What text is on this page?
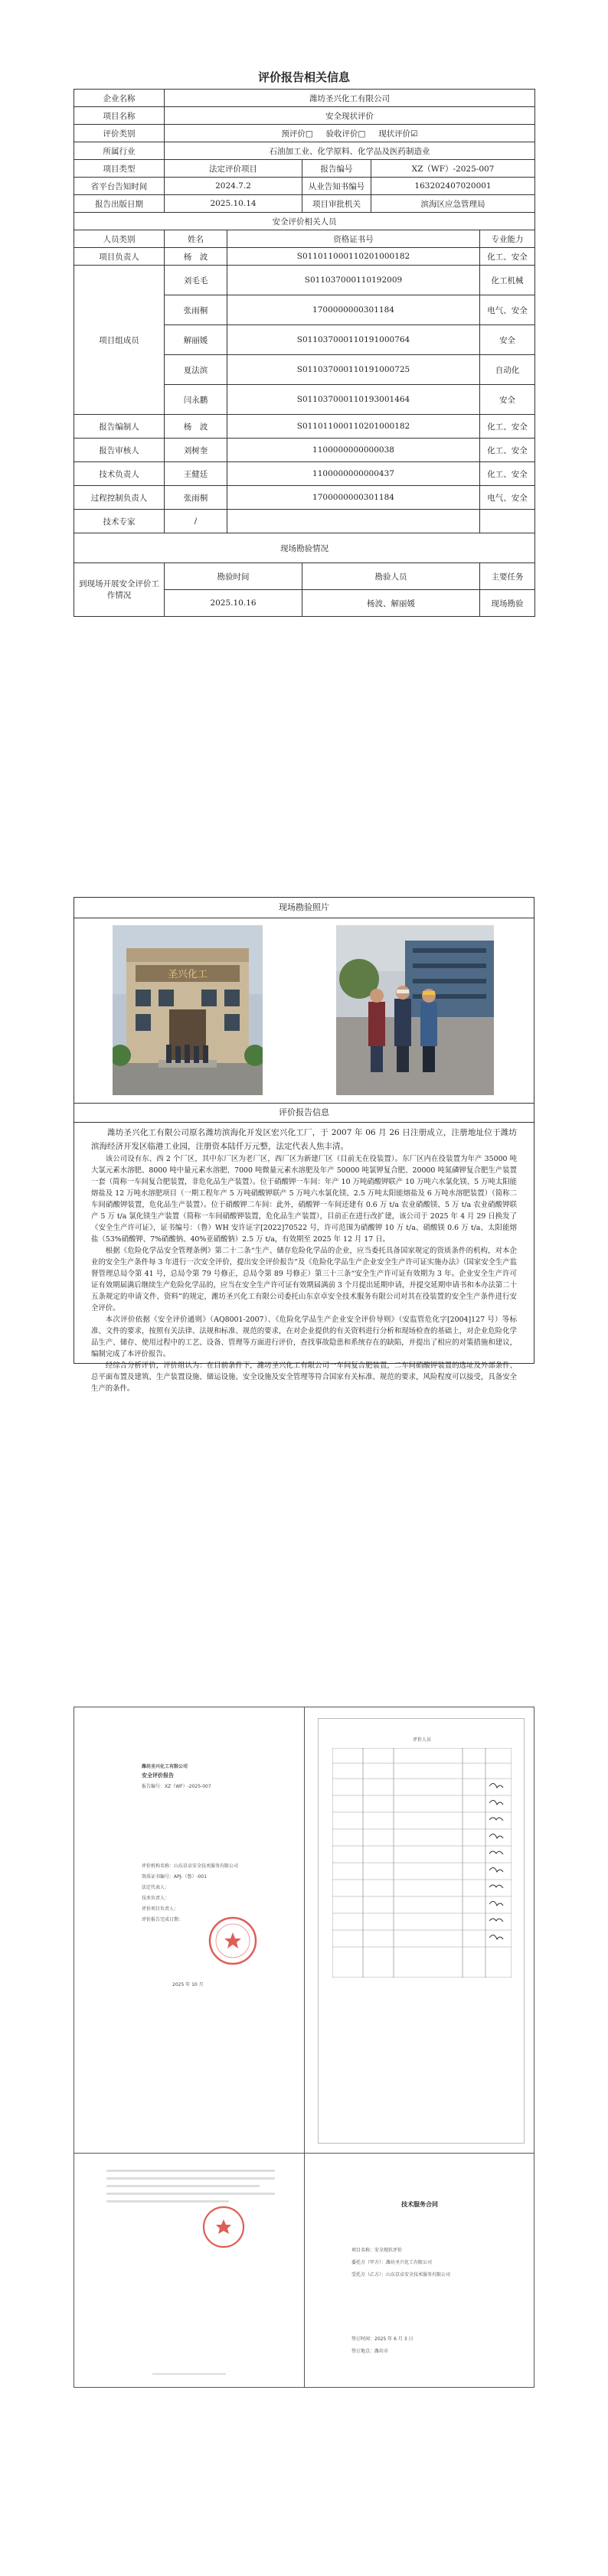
评价报告相关信息
企业名称	潍坊圣兴化工有限公司				
项目名称	安全现状评价				
评价类别	预评价□ 验收评价□ 现状评价☑				
所属行业	石油加工业、化学原料、化学品及医药制造业				
项目类型	法定评价项目		报告编号	XZ（WF）-2025-007	
省平台告知时间	2024.7.2		从业告知书编号	163202407020001	
报告出版日期	2025.10.14		项目审批机关	滨海区应急管理局	
安全评价相关人员					
人员类别	姓名	资格证书号			专业能力
项目负责人	杨　波	S011011000110201000182			化工、安全
项目组成员	刘毛毛	S011037000110192009			化工机械
	张雨桐	1700000000301184			电气、安全
	解丽媛	S011037000110191000764			安全
	夏法滨	S011037000110191000725			自动化
	闫永鹏	S011037000110193001464			安全
报告编制人	杨　波	S011011000110201000182			化工、安全
报告审核人	刘树奎	1100000000000038			化工、安全
技术负责人	王健廷	1100000000000437			化工、安全
过程控制负责人	张雨桐	1700000000301184			电气、安全
技术专家	/				
现场勘验情况					
到现场开展安全评价工作情况	勘验时间		勘验人员		主要任务
	2025.10.16		杨波、解丽媛		现场勘验
现场勘验照片
圣兴化工
评价报告信息

潍坊圣兴化工有限公司原名潍坊滨海化开发区宏兴化工厂，于 2007 年 06 月 26 日注册成立，注册地址位于潍坊滨海经济开发区临港工业园，注册资本陆仟万元整，法定代表人焦丰清。

该公司设有东、西 2 个厂区，其中东厂区为老厂区，西厂区为新建厂区（目前无在役装置）。东厂区内在役装置为年产 35000 吨大氯元素水溶肥、8000 吨中量元素水溶肥、7000 吨微量元素水溶肥及年产 50000 吨氯钾复合肥、20000 吨氮磷钾复合肥生产装置一套（简称一车间复合肥装置，非危化品生产装置）。位于硝酸钾一车间：年产 10 万吨硝酸钾联产 10 万吨六水氯化镁、5 万吨太阳能熔盐及 12 万吨水溶肥项目（一期工程年产 5 万吨硝酸钾联产 5 万吨六水氯化镁、2.5 万吨太阳能熔盐及 6 万吨水溶肥装置）（简称二车间硝酸钾装置，危化品生产装置）。位于硝酸钾二车间：此外，硝酸钾一车间还建有 0.6 万 t/a 农业硝酸镁、5 万 t/a 农业硝酸钾联产 5 万 t/a 氯化镁生产装置（简称一车间硝酸钾装置，危化品生产装置），目前正在进行改扩建，该公司于 2025 年 4 月 29 日换发了《安全生产许可证》，证书编号：（鲁）WH 安许证字[2022]70522 号，许可范围为硝酸钾 10 万 t/a、硝酸镁 0.6 万 t/a、太阳能熔盐（53%硝酸钾、7%硝酸钠、40%亚硝酸钠）2.5 万 t/a，有效期至 2025 年 12 月 17 日。

根据《危险化学品安全管理条例》第二十二条“生产、储存危险化学品的企业，应当委托具备国家规定的资质条件的机构，对本企业的安全生产条件每 3 年进行一次安全评价，提出安全评价报告”及《危险化学品生产企业安全生产许可证实施办法》（国家安全生产监督管理总局令第 41 号，总局令第 79 号修正，总局令第 89 号修正）第三十三条“安全生产许可证有效期为 3 年。企业安全生产许可证有效期届满后继续生产危险化学品的，应当在安全生产许可证有效期届满前 3 个月提出延期申请，并提交延期申请书和本办法第二十五条规定的申请文件、资料”的规定，潍坊圣兴化工有限公司委托山东京卓安全技术服务有限公司对其在役装置的安全生产条件进行安全评价。

本次评价依据《安全评价通则》（AQ8001-2007）、《危险化学品生产企业安全评价导则》（安监管危化字[2004]127 号）等标准、文件的要求，按照有关法律、法规和标准、规范的要求，在对企业提供的有关资料进行分析和现场检查的基础上，对企业危险化学品生产、储存、使用过程中的工艺、设备、管理等方面进行评价，查找事故隐患和系统存在的缺陷，并提出了相应的对策措施和建议，编制完成了本评价报告。

经综合分析评价，评价组认为：在目前条件下，潍坊圣兴化工有限公司一车间复合肥装置，二车间硝酸钾装置的选址及外部条件、总平面布置及建筑、生产装置设施、储运设施、安全设施及安全管理等符合国家有关标准、规范的要求，风险程度可以接受，具备安全生产的条件。

潍坊圣兴化工有限公司
安全评价报告
报告编号：XZ（WF）-2025-007
评价机构名称：山东京卓安全技术服务有限公司
资质证书编号：APJ-（鲁）-001
法定代表人：
技术负责人：
评价项目负责人：
评价报告完成日期：
2025 年 10 月
评价人员
技术服务合同
项目名称：安全现状评价
委托方（甲方）：潍坊圣兴化工有限公司
受托方（乙方）：山东京卓安全技术服务有限公司
签订时间：2025 年 6 月 3 日
签订地点：潍坊市
